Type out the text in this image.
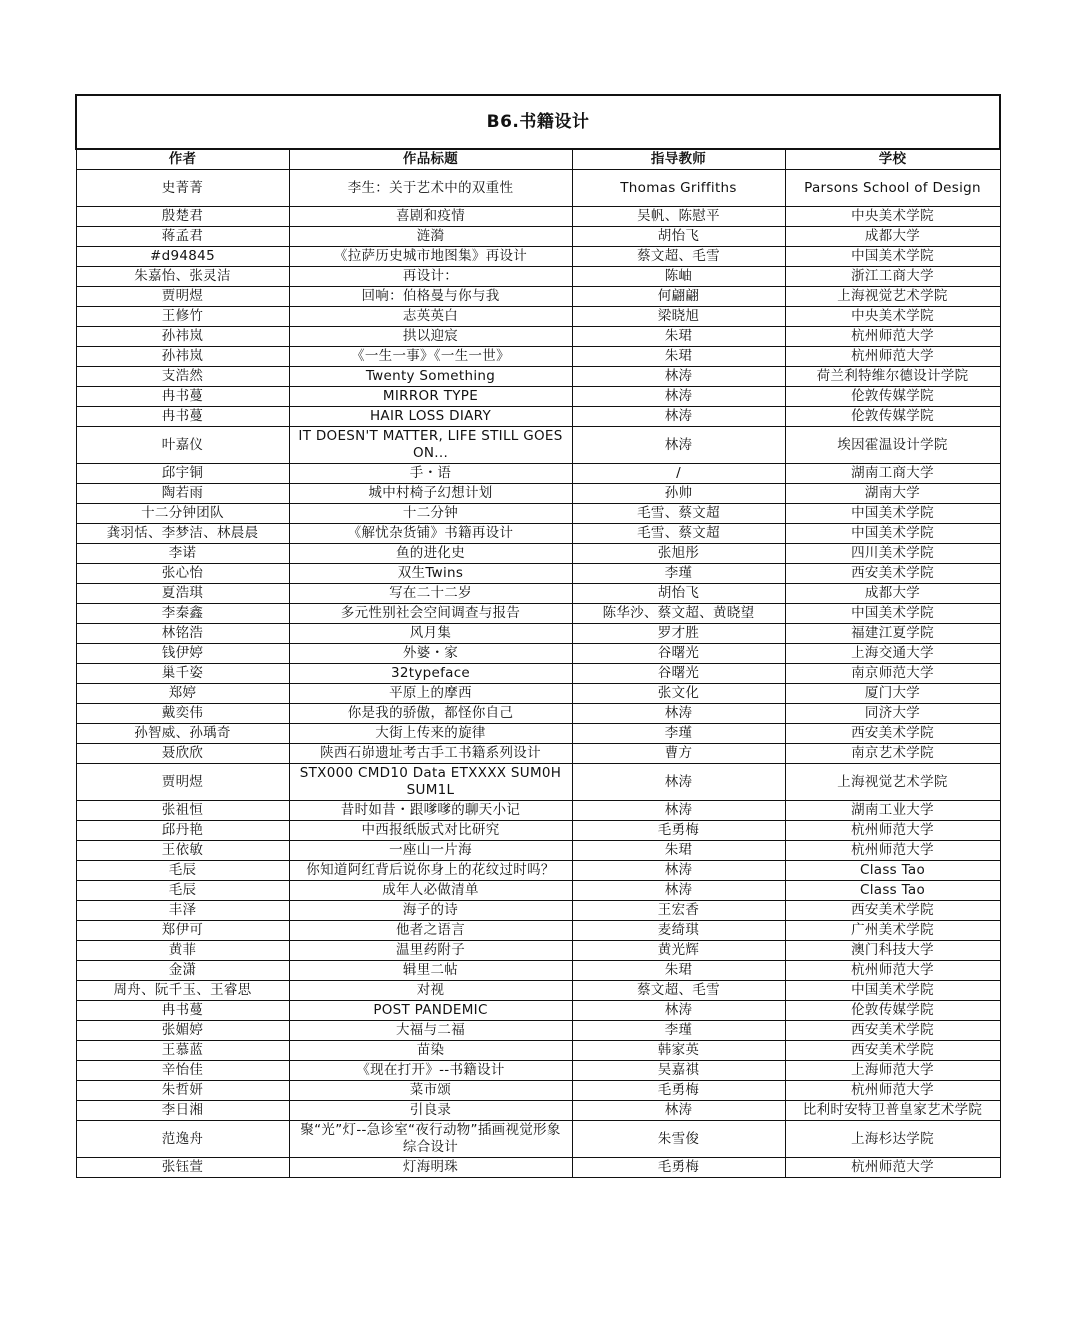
B6.书籍设计			
作者	作品标题	指导教师	学校
史菁菁	李生：关于艺术中的双重性	Thomas Griffiths	Parsons School of Design
殷楚君	喜剧和疫情	吴帆、陈慰平	中央美术学院
蒋孟君	涟漪	胡怡飞	成都大学
#d94845	《拉萨历史城市地图集》再设计	蔡文超、毛雪	中国美术学院
朱嘉怡、张灵洁	再设计：	陈岫	浙江工商大学
贾明煜	回响：伯格曼与你与我	何翩翩	上海视觉艺术学院
王修竹	志英英白	梁晓旭	中央美术学院
孙祎岚	拱以迎宸	朱珺	杭州师范大学
孙祎岚	《一生一事》《一生一世》	朱珺	杭州师范大学
支浩然	Twenty Something	林涛	荷兰利特维尔德设计学院
冉书蔓	MIRROR TYPE	林涛	伦敦传媒学院
冉书蔓	HAIR LOSS DIARY	林涛	伦敦传媒学院
叶嘉仪	IT DOESN'T MATTER, LIFE STILL GOES ON...	林涛	埃因霍温设计学院
邱宇铜	手・语	/	湖南工商大学
陶若雨	城中村椅子幻想计划	孙帅	湖南大学
十二分钟团队	十二分钟	毛雪、蔡文超	中国美术学院
龚羽恬、李梦洁、林晨晨	《解忧杂货铺》书籍再设计	毛雪、蔡文超	中国美术学院
李诺	鱼的进化史	张旭彤	四川美术学院
张心怡	双生Twins	李瑾	西安美术学院
夏浩琪	写在二十二岁	胡怡飞	成都大学
李秦鑫	多元性别社会空间调查与报告	陈华沙、蔡文超、黄晓望	中国美术学院
林铭浩	风月集	罗才胜	福建江夏学院
钱伊婷	外婆・家	谷曙光	上海交通大学
巢千姿	32typeface	谷曙光	南京师范大学
郑婷	平原上的摩西	张文化	厦门大学
戴奕伟	你是我的骄傲，都怪你自己	林涛	同济大学
孙智威、孙瑀奇	大街上传来的旋律	李瑾	西安美术学院
聂欣欣	陕西石峁遗址考古手工书籍系列设计	曹方	南京艺术学院
贾明煜	STX000 CMD10 Data ETXXXX SUM0H SUM1L	林涛	上海视觉艺术学院
张祖恒	昔时如昔・跟嗲嗲的聊天小记	林涛	湖南工业大学
邱丹艳	中西报纸版式对比研究	毛勇梅	杭州师范大学
王依敏	一座山一片海	朱珺	杭州师范大学
毛辰	你知道阿红背后说你身上的花纹过时吗？	林涛	Class Tao
毛辰	成年人必做清单	林涛	Class Tao
丰泽	海子的诗	王宏香	西安美术学院
郑伊可	他者之语言	麦绮琪	广州美术学院
黄菲	温里药附子	黄光辉	澳门科技大学
金潇	辑里二帖	朱珺	杭州师范大学
周舟、阮千玉、王睿思	对视	蔡文超、毛雪	中国美术学院
冉书蔓	POST PANDEMIC	林涛	伦敦传媒学院
张媚婷	大福与二福	李瑾	西安美术学院
王慕蓝	苗染	韩家英	西安美术学院
辛怡佳	《现在打开》--书籍设计	吴嘉祺	上海师范大学
朱哲妍	菜市颂	毛勇梅	杭州师范大学
李日湘	引良录	林涛	比利时安特卫普皇家艺术学院
范逸舟	聚“光”灯--急诊室“夜行动物”插画视觉形象综合设计	朱雪俊	上海杉达学院
张钰萱	灯海明珠	毛勇梅	杭州师范大学
